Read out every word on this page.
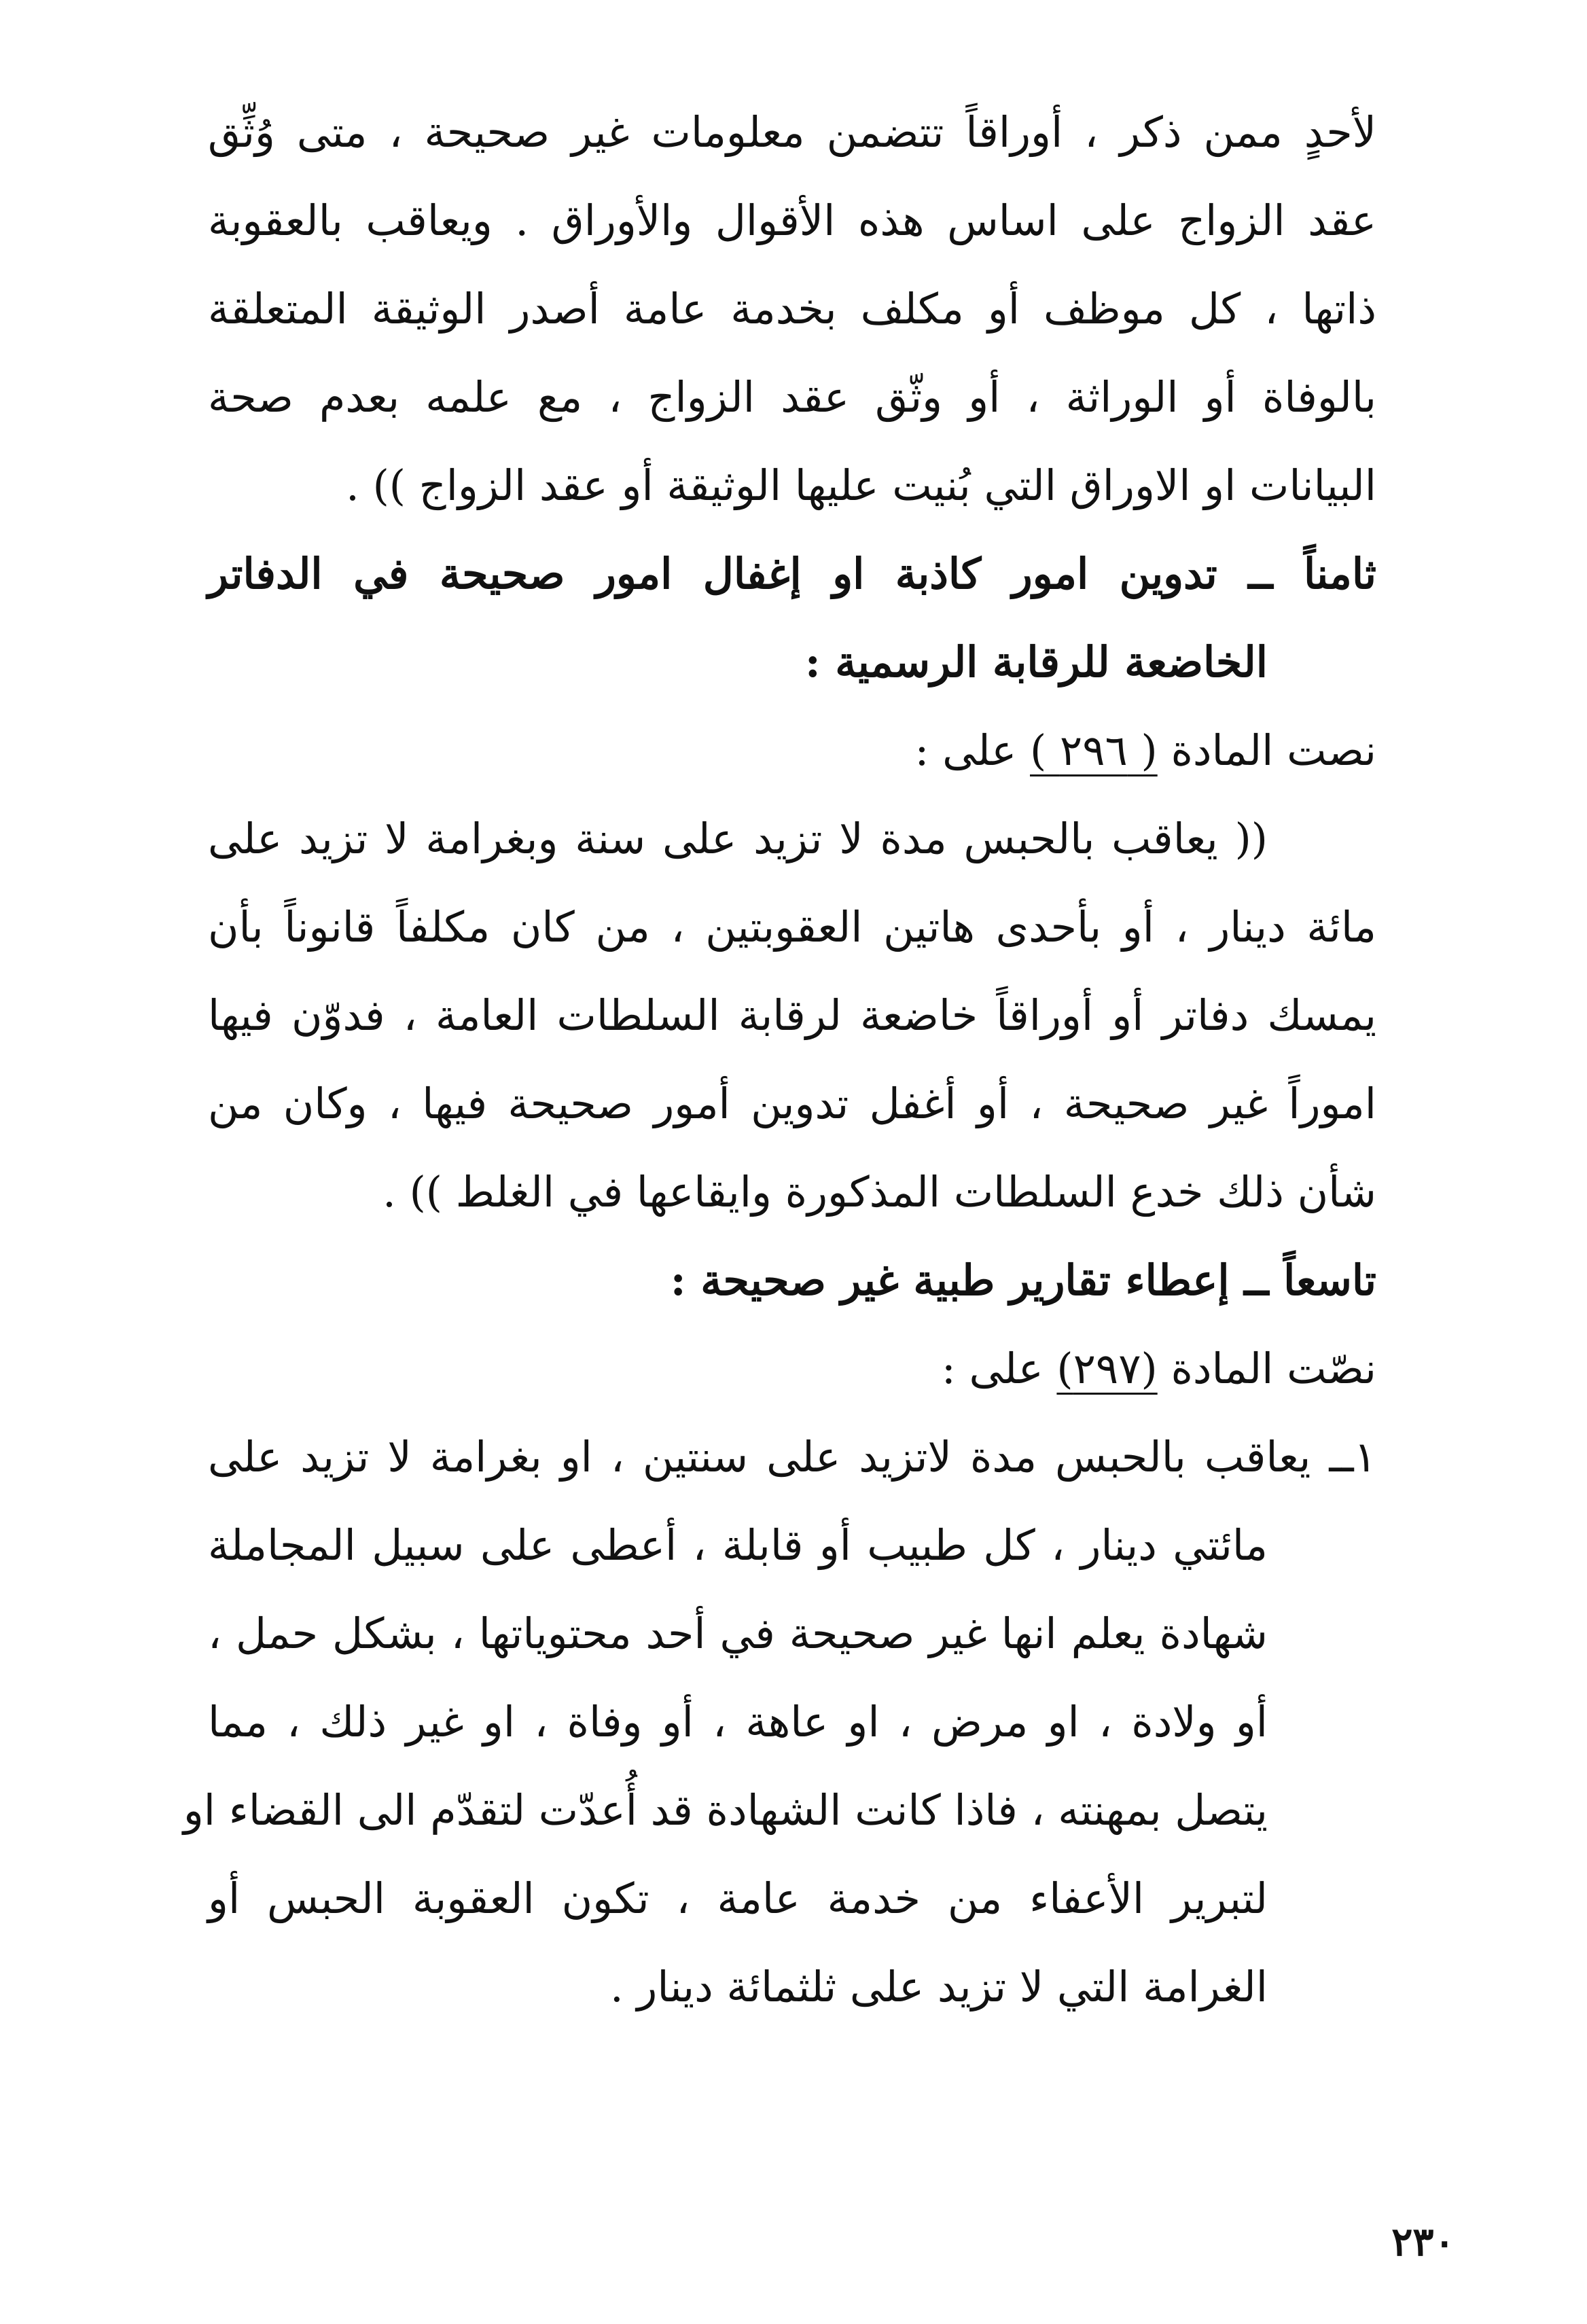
لأحدٍ ممن ذكر ، أوراقاً تتضمن معلومات غير صحيحة ، متى وُثِّق
عقد الزواج على اساس هذه الأقوال والأوراق . ويعاقب بالعقوبة
ذاتها ، كل موظف أو مكلف بخدمة عامة أصدر الوثيقة المتعلقة
بالوفاة أو الوراثة ، أو وثّق عقد الزواج ، مع علمه بعدم صحة
البيانات او الاوراق التي بُنيت عليها الوثيقة أو عقد الزواج )) .
ثامناً ــ تدوين امور كاذبة او إغفال امور صحيحة في الدفاتر
الخاضعة للرقابة الرسمية :
نصت المادة ( ٢٩٦ ) على :
(( يعاقب بالحبس مدة لا تزيد على سنة وبغرامة لا تزيد على
مائة دينار ، أو بأحدى هاتين العقوبتين ، من كان مكلفاً قانوناً بأن
يمسك دفاتر أو أوراقاً خاضعة لرقابة السلطات العامة ، فدوّن فيها
اموراً غير صحيحة ، أو أغفل تدوين أمور صحيحة فيها ، وكان من
شأن ذلك خدع السلطات المذكورة وايقاعها في الغلط )) .
تاسعاً ــ إعطاء تقارير طبية غير صحيحة :
نصّت المادة (٢٩٧) على :
١ــ يعاقب بالحبس مدة لاتزيد على سنتين ، او بغرامة لا تزيد على
مائتي دينار ، كل طبيب أو قابلة ، أعطى على سبيل المجاملة
شهادة يعلم انها غير صحيحة في أحد محتوياتها ، بشكل حمل ،
أو ولادة ، او مرض ، او عاهة ، أو وفاة ، او غير ذلك ، مما
يتصل بمهنته ، فاذا كانت الشهادة قد أُعدّت لتقدّم الى القضاء او
لتبرير الأعفاء من خدمة عامة ، تكون العقوبة الحبس أو
الغرامة التي لا تزيد على ثلثمائة دينار .
٢٣٠
